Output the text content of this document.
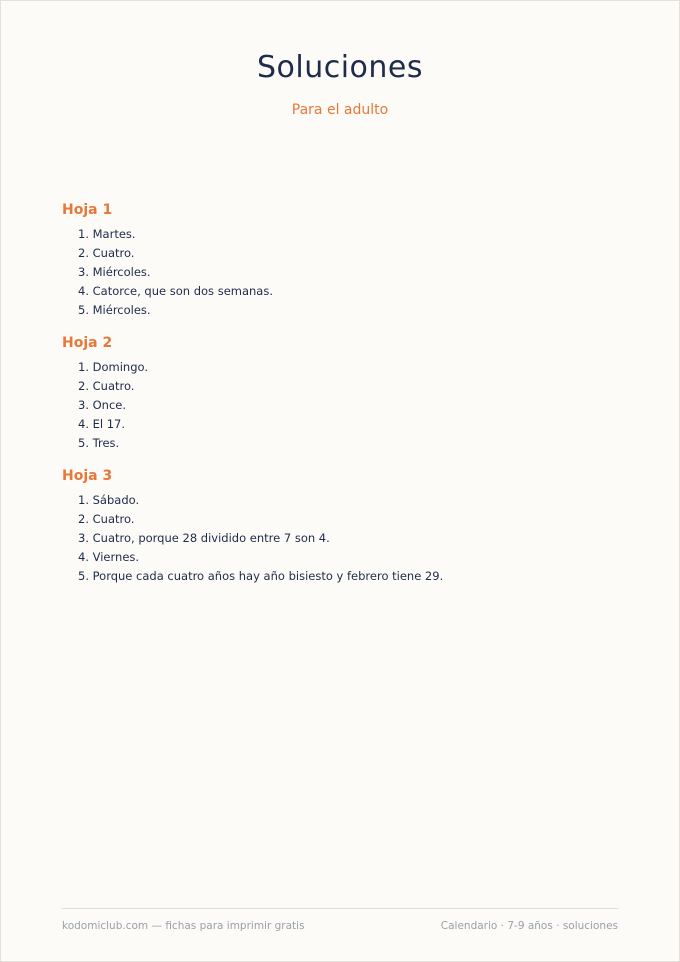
Soluciones

Para el adulto

Hoja 1
1. Martes.
2. Cuatro.
3. Miércoles.
4. Catorce, que son dos semanas.
5. Miércoles.
Hoja 2
1. Domingo.
2. Cuatro.
3. Once.
4. El 17.
5. Tres.
Hoja 3
1. Sábado.
2. Cuatro.
3. Cuatro, porque 28 dividido entre 7 son 4.
4. Viernes.
5. Porque cada cuatro años hay año bisiesto y febrero tiene 29.
kodomiclub.com — fichas para imprimir gratis	Calendario · 7-9 años · soluciones
